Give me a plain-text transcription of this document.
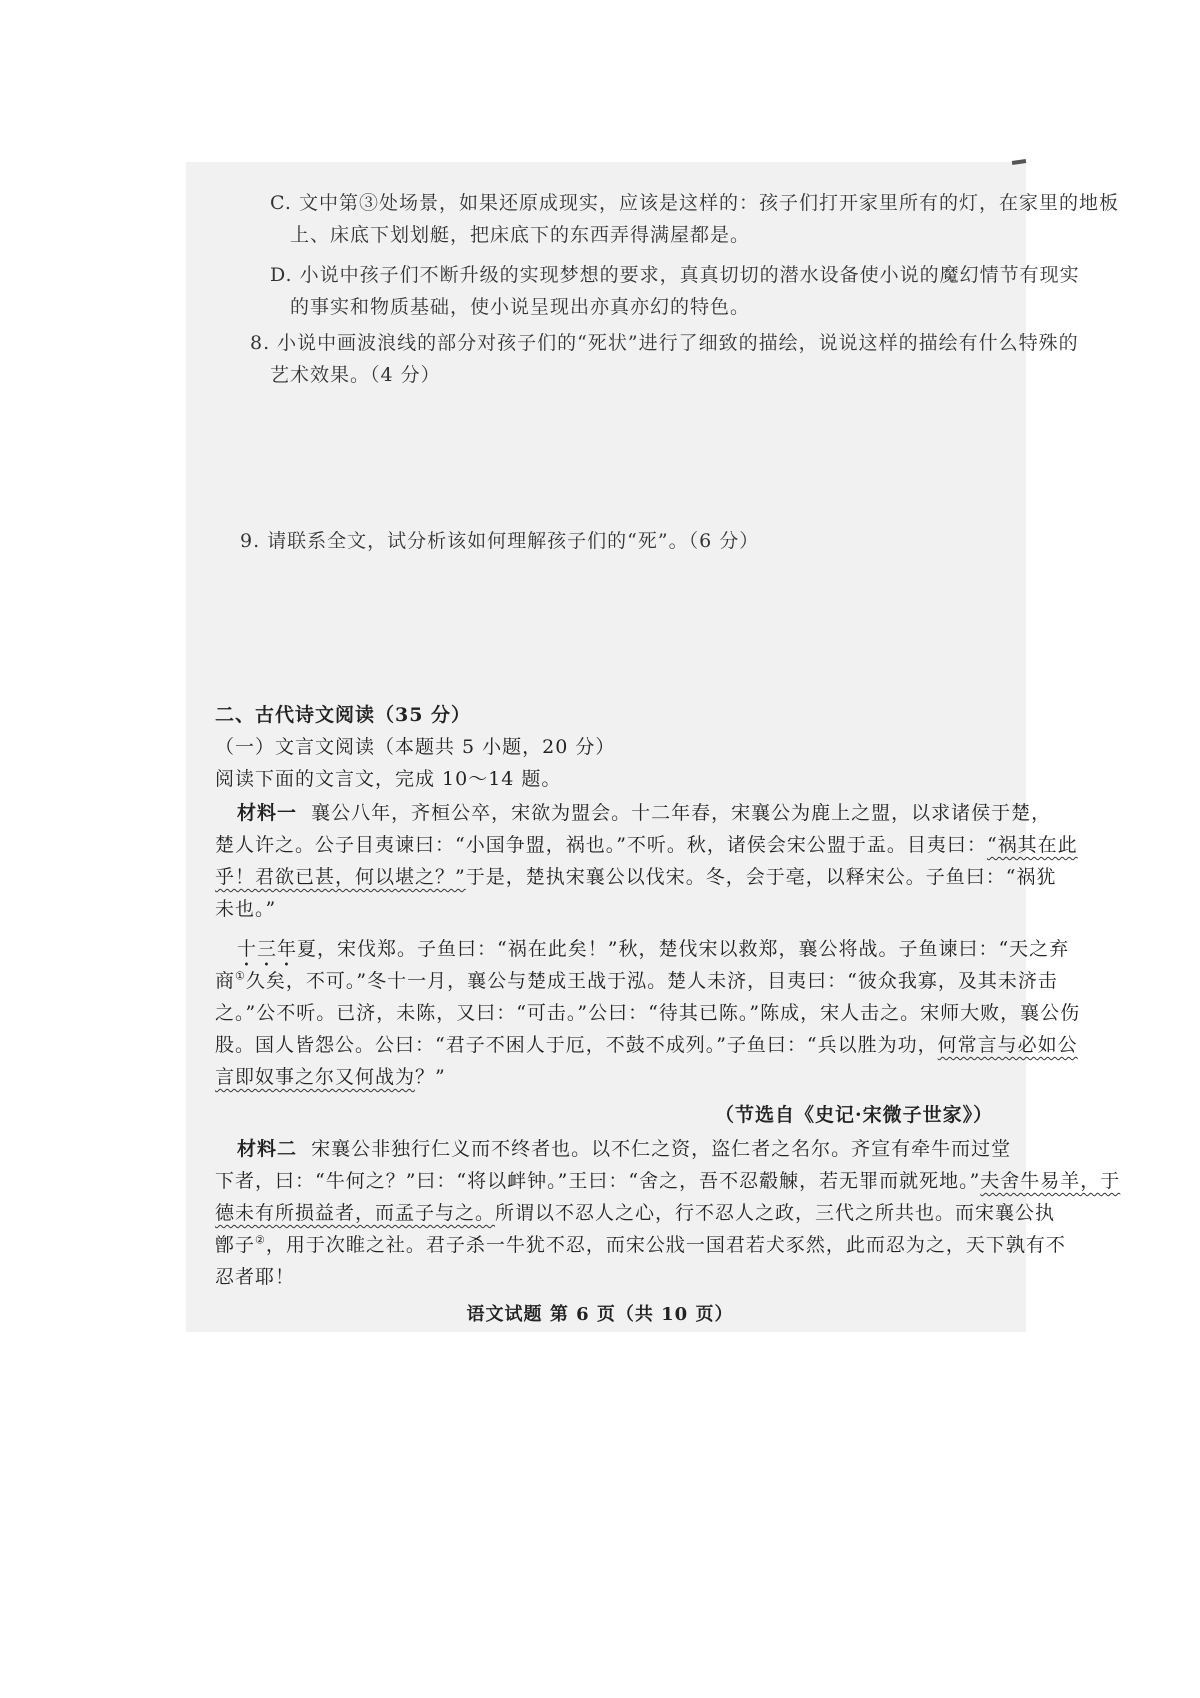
C. 文中第③处场景，如果还原成现实，应该是这样的：孩子们打开家里所有的灯，在家里的地板
上、床底下划划艇，把床底下的东西弄得满屋都是。
D. 小说中孩子们不断升级的实现梦想的要求，真真切切的潜水设备使小说的魔幻情节有现实
的事实和物质基础，使小说呈现出亦真亦幻的特色。
8. 小说中画波浪线的部分对孩子们的“死状”进行了细致的描绘，说说这样的描绘有什么特殊的
艺术效果。（4 分）
9. 请联系全文，试分析该如何理解孩子们的“死”。（6 分）
二、古代诗文阅读（35 分）
（一）文言文阅读（本题共 5 小题，20 分）
阅读下面的文言文，完成 10～14 题。
材料一 襄公八年，齐桓公卒，宋欲为盟会。十二年春，宋襄公为鹿上之盟，以求诸侯于楚，
楚人许之。公子目夷谏曰：“小国争盟，祸也。”不听。秋，诸侯会宋公盟于盂。目夷曰：“祸其在此
乎！君欲已甚，何以堪之？”于是，楚执宋襄公以伐宋。冬，会于亳，以释宋公。子鱼曰：“祸犹
未也。”
十三年夏，宋伐郑。子鱼曰：“祸在此矣！”秋，楚伐宋以救郑，襄公将战。子鱼谏曰：“天之弃
商①久矣，不可。”冬十一月，襄公与楚成王战于泓。楚人未济，目夷曰：“彼众我寡，及其未济击
之。”公不听。已济，未陈，又曰：“可击。”公曰：“待其已陈。”陈成，宋人击之。宋师大败，襄公伤
股。国人皆怨公。公曰：“君子不困人于厄，不鼓不成列。”子鱼曰：“兵以胜为功，何常言与必如公
言即奴事之尔又何战为？”
（节选自《史记·宋微子世家》）
材料二 宋襄公非独行仁义而不终者也。以不仁之资，盗仁者之名尔。齐宣有牵牛而过堂
下者，曰：“牛何之？”曰：“将以衅钟。”王曰：“舍之，吾不忍觳觫，若无罪而就死地。”夫舍牛易羊，于
德未有所损益者，而孟子与之。所谓以不忍人之心，行不忍人之政，三代之所共也。而宋襄公执
鄫子②，用于次睢之社。君子杀一牛犹不忍，而宋公戕一国君若犬豕然，此而忍为之，天下孰有不
忍者耶！
语文试题 第 6 页（共 10 页）
